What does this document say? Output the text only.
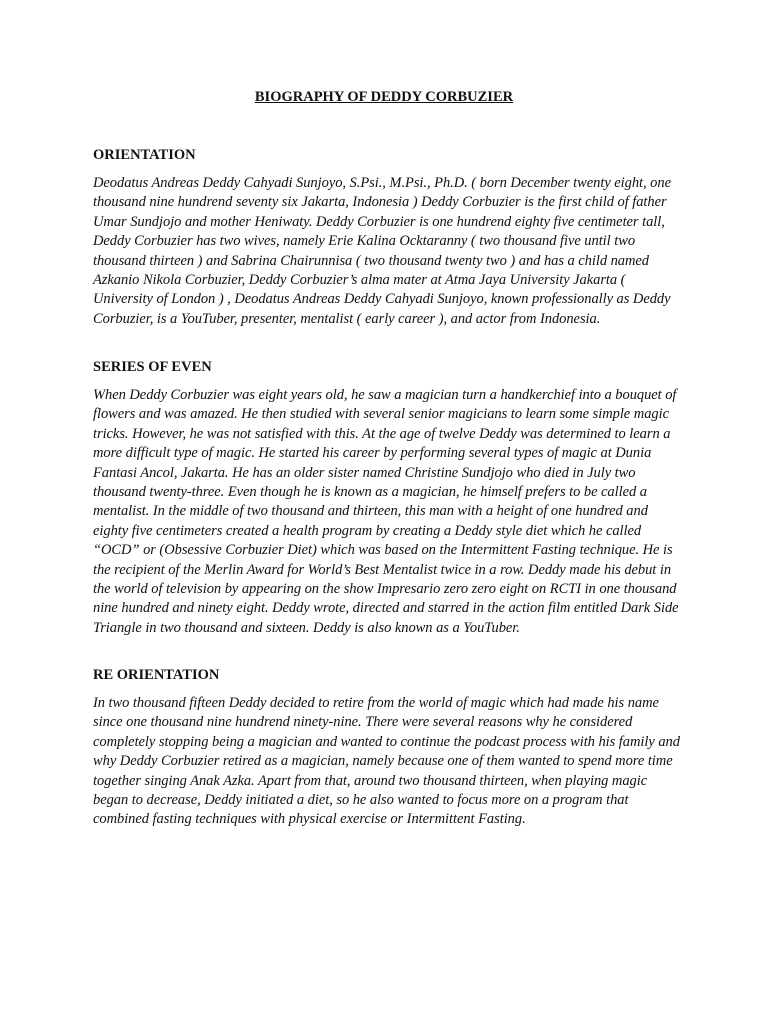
BIOGRAPHY OF DEDDY CORBUZIER

ORIENTATION

Deodatus Andreas Deddy Cahyadi Sunjoyo, S.Psi., M.Psi., Ph.D. ( born December twenty eight, one thousand nine hundrend seventy six Jakarta, Indonesia ) Deddy Corbuzier is the first child of father Umar Sundjojo and mother Heniwaty. Deddy Corbuzier is one hundrend eighty five centimeter tall, Deddy Corbuzier has two wives, namely Erie Kalina Ocktaranny ( two thousand five until two thousand thirteen ) and Sabrina Chairunnisa ( two thousand twenty two ) and has a child named Azkanio Nikola Corbuzier, Deddy Corbuzier’s alma mater at Atma Jaya University Jakarta ( University of London ) , Deodatus Andreas Deddy Cahyadi Sunjoyo, known professionally as Deddy Corbuzier, is a YouTuber, presenter, mentalist ( early career ), and actor from Indonesia.

SERIES OF EVEN

When Deddy Corbuzier was eight years old, he saw a magician turn a handkerchief into a bouquet of flowers and was amazed. He then studied with several senior magicians to learn some simple magic tricks. However, he was not satisfied with this. At the age of twelve Deddy was determined to learn a more difficult type of magic. He started his career by performing several types of magic at Dunia Fantasi Ancol, Jakarta. He has an older sister named Christine Sundjojo who died in July two thousand twenty-three. Even though he is known as a magician, he himself prefers to be called a mentalist. In the middle of two thousand and thirteen, this man with a height of one hundred and eighty five centimeters created a health program by creating a Deddy style diet which he called “OCD” or (Obsessive Corbuzier Diet) which was based on the Intermittent Fasting technique. He is the recipient of the Merlin Award for World’s Best Mentalist twice in a row. Deddy made his debut in the world of television by appearing on the show Impresario zero zero eight on RCTI in one thousand nine hundred and ninety eight. Deddy wrote, directed and starred in the action film entitled Dark Side Triangle in two thousand and sixteen. Deddy is also known as a YouTuber.

RE ORIENTATION

In two thousand fifteen Deddy decided to retire from the world of magic which had made his name since one thousand nine hundrend ninety-nine. There were several reasons why he considered completely stopping being a magician and wanted to continue the podcast process with his family and why Deddy Corbuzier retired as a magician, namely because one of them wanted to spend more time together singing Anak Azka. Apart from that, around two thousand thirteen, when playing magic began to decrease, Deddy initiated a diet, so he also wanted to focus more on a program that combined fasting techniques with physical exercise or Intermittent Fasting.
